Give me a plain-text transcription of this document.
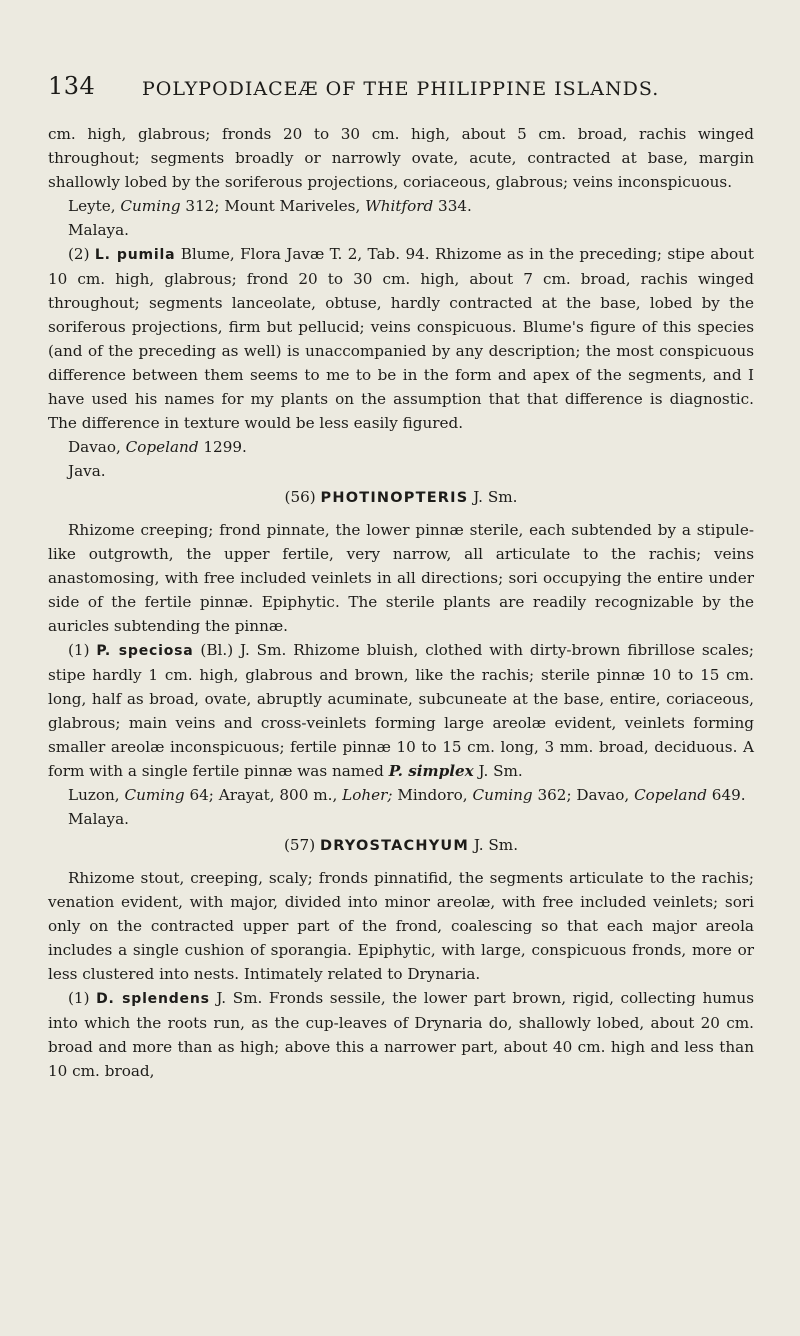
134 POLYPODIACEÆ OF THE PHILIPPINE ISLANDS.

cm. high, glabrous; fronds 20 to 30 cm. high, about 5 cm. broad, rachis winged throughout; segments broadly or narrowly ovate, acute, contracted at base, margin shallowly lobed by the soriferous projections, coriaceous, glabrous; veins inconspicuous.

Leyte, Cuming 312; Mount Mariveles, Whitford 334.

Malaya.

(2) L. pumila Blume, Flora Javæ T. 2, Tab. 94. Rhizome as in the preceding; stipe about 10 cm. high, glabrous; frond 20 to 30 cm. high, about 7 cm. broad, rachis winged throughout; segments lanceolate, obtuse, hardly contracted at the base, lobed by the soriferous projections, firm but pellucid; veins conspicuous. Blume's figure of this species (and of the preceding as well) is unaccompanied by any description; the most conspicuous difference between them seems to me to be in the form and apex of the segments, and I have used his names for my plants on the assumption that that difference is diagnostic. The difference in texture would be less easily figured.

Davao, Copeland 1299.

Java.

(56) PHOTINOPTERIS J. Sm.

Rhizome creeping; frond pinnate, the lower pinnæ sterile, each subtended by a stipule-like outgrowth, the upper fertile, very narrow, all articulate to the rachis; veins anastomosing, with free included veinlets in all directions; sori occupying the entire under side of the fertile pinnæ. Epiphytic. The sterile plants are readily recognizable by the auricles subtending the pinnæ.

(1) P. speciosa (Bl.) J. Sm. Rhizome bluish, clothed with dirty-brown fibrillose scales; stipe hardly 1 cm. high, glabrous and brown, like the rachis; sterile pinnæ 10 to 15 cm. long, half as broad, ovate, abruptly acuminate, subcuneate at the base, entire, coriaceous, glabrous; main veins and cross-veinlets forming large areolæ evident, veinlets forming smaller areolæ inconspicuous; fertile pinnæ 10 to 15 cm. long, 3 mm. broad, deciduous. A form with a single fertile pinnæ was named P. simplex J. Sm.

Luzon, Cuming 64; Arayat, 800 m., Loher; Mindoro, Cuming 362; Davao, Copeland 649.

Malaya.

(57) DRYOSTACHYUM J. Sm.

Rhizome stout, creeping, scaly; fronds pinnatifid, the segments articulate to the rachis; venation evident, with major, divided into minor areolæ, with free included veinlets; sori only on the contracted upper part of the frond, coalescing so that each major areola includes a single cushion of sporangia. Epiphytic, with large, conspicuous fronds, more or less clustered into nests. Intimately related to Drynaria.

(1) D. splendens J. Sm. Fronds sessile, the lower part brown, rigid, collecting humus into which the roots run, as the cup-leaves of Drynaria do, shallowly lobed, about 20 cm. broad and more than as high; above this a narrower part, about 40 cm. high and less than 10 cm. broad,
